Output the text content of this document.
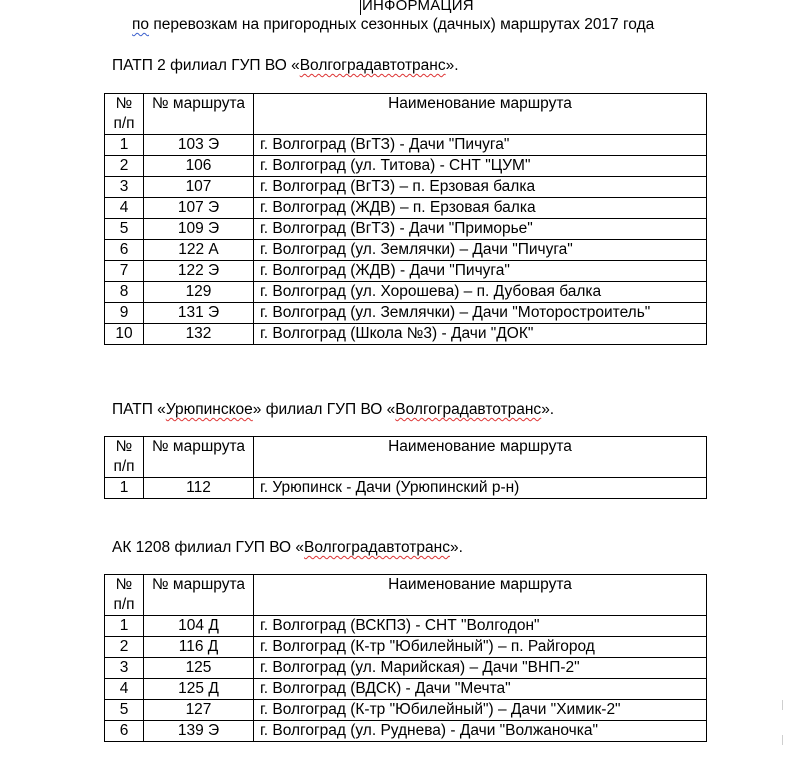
ИНФОРМАЦИЯ
по перевозкам на пригородных сезонных (дачных) маршрутах 2017 года
ПАТП 2 филиал ГУП ВО «Волгоградавтотранс».
№ п/п	№ маршрута	Наименование маршрута
1	103 Э	г. Волгоград (ВгТЗ) - Дачи "Пичуга"
2	106	г. Волгоград (ул. Титова) - СНТ "ЦУМ"
3	107	г. Волгоград (ВгТЗ) – п. Ерзовая балка
4	107 Э	г. Волгоград (ЖДВ) – п. Ерзовая балка
5	109 Э	г. Волгоград (ВгТЗ) - Дачи "Приморье"
6	122 А	г. Волгоград (ул. Землячки) – Дачи "Пичуга"
7	122 Э	г. Волгоград (ЖДВ) - Дачи "Пичуга"
8	129	г. Волгоград (ул. Хорошева) – п. Дубовая балка
9	131 Э	г. Волгоград (ул. Землячки) – Дачи "Моторостроитель"
10	132	г. Волгоград (Школа №3) - Дачи "ДОК"
ПАТП «Урюпинское» филиал ГУП ВО «Волгоградавтотранс».
№ п/п	№ маршрута	Наименование маршрута
1	112	г. Урюпинск - Дачи (Урюпинский р-н)
АК 1208 филиал ГУП ВО «Волгоградавтотранс».
№ п/п	№ маршрута	Наименование маршрута
1	104 Д	г. Волгоград (ВСКПЗ) - СНТ "Волгодон"
2	116 Д	г. Волгоград (К-тр "Юбилейный") – п. Райгород
3	125	г. Волгоград (ул. Марийская) – Дачи "ВНП-2"
4	125 Д	г. Волгоград (ВДСК) - Дачи "Мечта"
5	127	г. Волгоград (К-тр "Юбилейный") – Дачи "Химик-2"
6	139 Э	г. Волгоград (ул. Руднева) - Дачи "Волжаночка"
